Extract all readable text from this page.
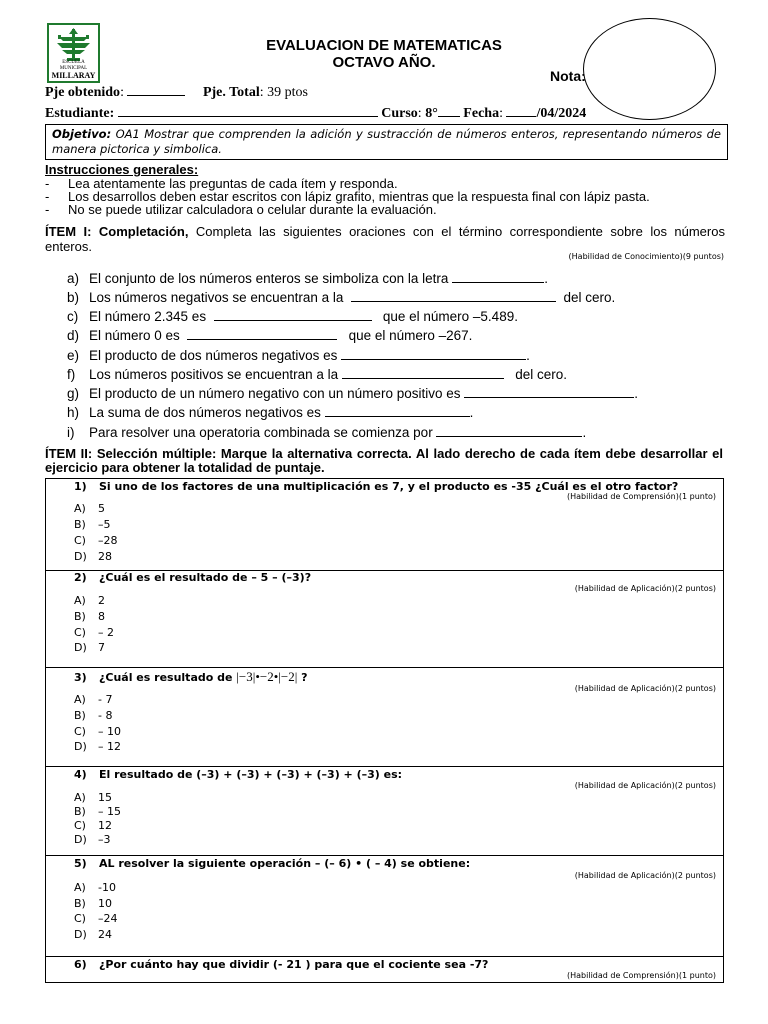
ESCUELA MUNICIPAL
MILLARAY
EVALUACION DE MATEMATICAS
OCTAVO AÑO.
Nota:
Pje obtenido:	Pje. Total: 39 ptos
Estudiante:	Curso: 8° Fecha: /04/2024
Objetivo: OA1 Mostrar que comprenden la adición y sustracción de números enteros, representando números de manera pictorica y simbolica.
Instrucciones generales:
- Lea atentamente las preguntas de cada ítem y responda.
- Los desarrollos deben estar escritos con lápiz grafito, mientras que la respuesta final con lápiz pasta.
- No se puede utilizar calculadora o celular durante la evaluación.
ÍTEM I: Completación, Completa las siguientes oraciones con el término correspondiente sobre los números enteros.
(Habilidad de Conocimiento)(9 puntos)
a) El conjunto de los números enteros se simboliza con la letra	.
b) Los números negativos se encuentran a la	del cero.
c) El número 2.345 es	que el número –5.489.
d) El número 0 es	que el número –267.
e) El producto de dos números negativos es	.
f) Los números positivos se encuentran a la	del cero.
g) El producto de un número negativo con un número positivo es	.
h) La suma de dos números negativos es	.
i) Para resolver una operatoria combinada se comienza por	.
ÍTEM II: Selección múltiple: Marque la alternativa correcta. Al lado derecho de cada ítem debe desarrollar el ejercicio para obtener la totalidad de puntaje.
1) Si uno de los factores de una multiplicación es 7, y el producto es -35 ¿Cuál es el otro factor?
(Habilidad de Comprensión)(1 punto)
A) 5
B) –5
C) –28
D) 28
2) ¿Cuál es el resultado de – 5 – (–3)?
(Habilidad de Aplicación)(2 puntos)
A) 2
B) 8
C) – 2
D) 7
3) ¿Cuál es resultado de |−3|•−2•|−2| ?
(Habilidad de Aplicación)(2 puntos)
A) - 7
B) - 8
C) – 10
D) – 12
4) El resultado de (–3) + (–3) + (–3) + (–3) + (–3) es:
(Habilidad de Aplicación)(2 puntos)
A) 15
B) – 15
C) 12
D) –3
5) AL resolver la siguiente operación – (– 6) • ( – 4) se obtiene:
(Habilidad de Aplicación)(2 puntos)
A) -10
B) 10
C) –24
D) 24
6) ¿Por cuánto hay que dividir (- 21 ) para que el cociente sea -7?
(Habilidad de Comprensión)(1 punto)
